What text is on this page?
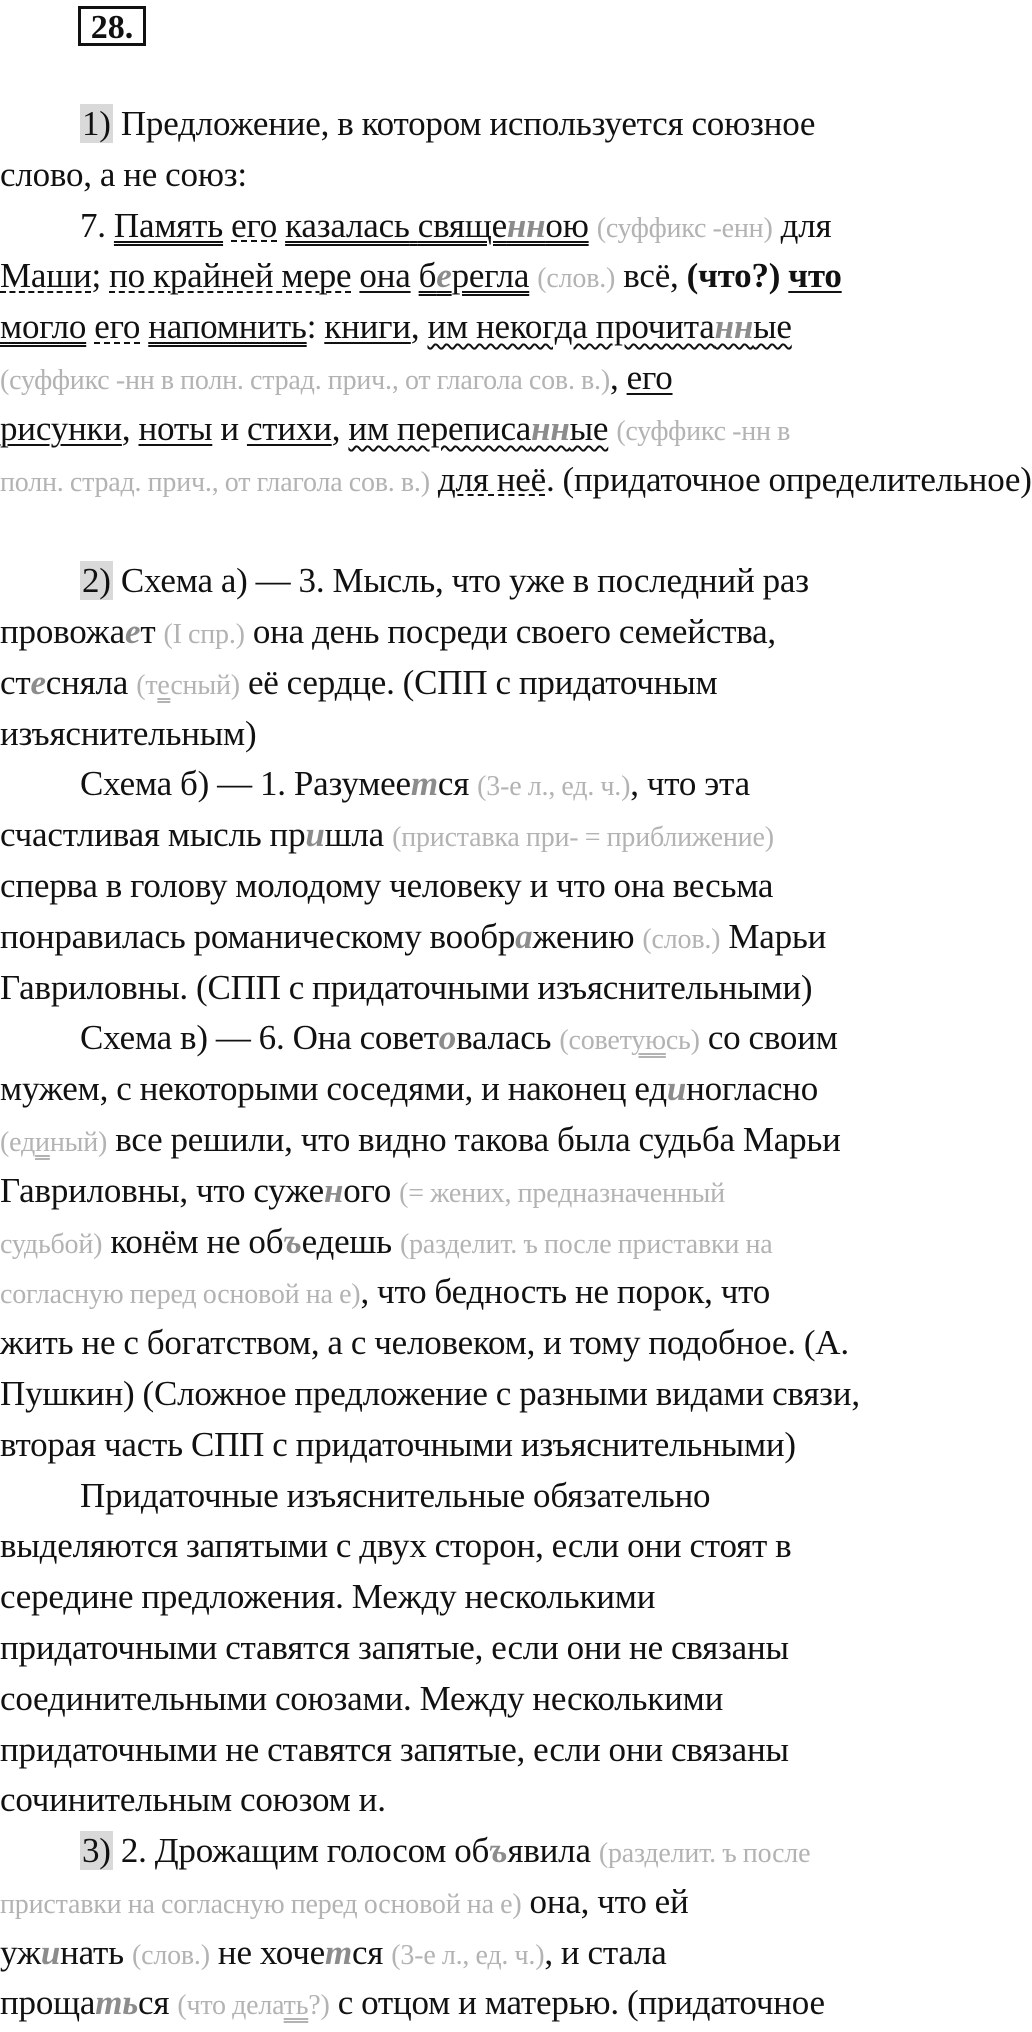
28.
1) Предложение, в котором используется союзное
слово, а не союз:
7. Память его казалась священною (суффикс -енн) для
Маши; по крайней мере она берегла (слов.) всё, (что?) что
могло его напомнить: книги, им некогда прочитанные
(суффикс -нн в полн. страд. прич., от глагола сов. в.), его
рисунки, ноты и стихи, им перепиcанные (суффикс -нн в
полн. страд. прич., от глагола сов. в.) для неё. (придаточное определительное)
2) Схема а) — 3. Мысль, что уже в последний раз
провожает (I спр.) она день посреди своего семейства,
стесняла (тесный) её сердце. (СПП с придаточным
изъяснительным)
Схема б) — 1. Разумеется (3-е л., ед. ч.), что эта
счастливая мысль пришла (приставка при- = приближение)
сперва в голову молодому человеку и что она весьма
понравилась романическому воображению (слов.) Марьи
Гавриловны. (СПП с придаточными изъяснительными)
Схема в) — 6. Она советовалась (советуюсь) со своим
мужем, с некоторыми соседями, и наконец единогласно
(единый) все решили, что видно такова была судьба Марьи
Гавриловны, что суженого (= жених, предназначенный
судьбой) конём не объедешь (разделит. ъ после приставки на
согласную перед основой на е), что бедность не порок, что
жить не с богатством, а с человеком, и тому подобное. (А.
Пушкин) (Сложное предложение с разными видами связи,
вторая часть СПП с придаточными изъяснительными)
Придаточные изъяснительные обязательно
выделяются запятыми с двух сторон, если они стоят в
середине предложения. Между несколькими
придаточными ставятся запятые, если они не связаны
соединительными союзами. Между несколькими
придаточными не ставятся запятые, если они связаны
сочинительным союзом и.
3) 2. Дрожащим голосом объявила (разделит. ъ после
приставки на согласную перед основой на е) она, что ей
ужинать (слов.) не хочется (3-е л., ед. ч.), и стала
прощаться (что делать?) с отцом и матерью. (придаточное
